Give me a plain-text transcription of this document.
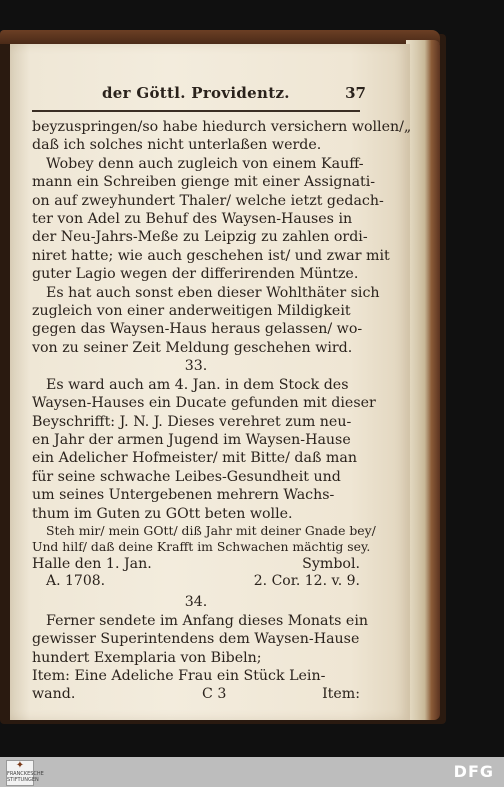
der Göttl. Providentz.	37
beyzuspringen/so habe hiedurch versichern wollen/„
daß ich solches nicht unterlaßen werde.
Wobey denn auch zugleich von einem Kauff-
mann ein Schreiben gienge mit einer Assignati-
on auf zweyhundert Thaler/ welche ietzt gedach-
ter von Adel zu Behuf des Waysen-Hauses in
der Neu-Jahrs-Meße zu Leipzig zu zahlen ordi-
niret hatte; wie auch geschehen ist/ und zwar mit
guter Lagio wegen der differirenden Müntze.
Es hat auch sonst eben dieser Wohlthäter sich
zugleich von einer anderweitigen Mildigkeit
gegen das Waysen-Haus heraus gelassen/ wo-
von zu seiner Zeit Meldung geschehen wird.
33.
Es ward auch am 4. Jan. in dem Stock des
Waysen-Hauses ein Ducate gefunden mit dieser
Beyschrifft: J. N. J. Dieses verehret zum neu-
en Jahr der armen Jugend im Waysen-Hause
ein Adelicher Hofmeister/ mit Bitte/ daß man
für seine schwache Leibes-Gesundheit und
um seines Untergebenen mehrern Wachs-
thum im Guten zu GOtt beten wolle.
Steh mir/ mein GOtt/ diß Jahr mit deiner Gnade bey/
Und hilf/ daß deine Krafft im Schwachen mächtig sey.
Halle den 1. Jan.	Symbol.
A. 1708.	2. Cor. 12. v. 9.
34.
Ferner sendete im Anfang dieses Monats ein
gewisser Superintendens dem Waysen-Hause
hundert Exemplaria von Bibeln;
Item: Eine Adeliche Frau ein Stück Lein-
wand.	C 3	Item:
✦
FRANCKESCHE STIFTUNGEN	DFG
